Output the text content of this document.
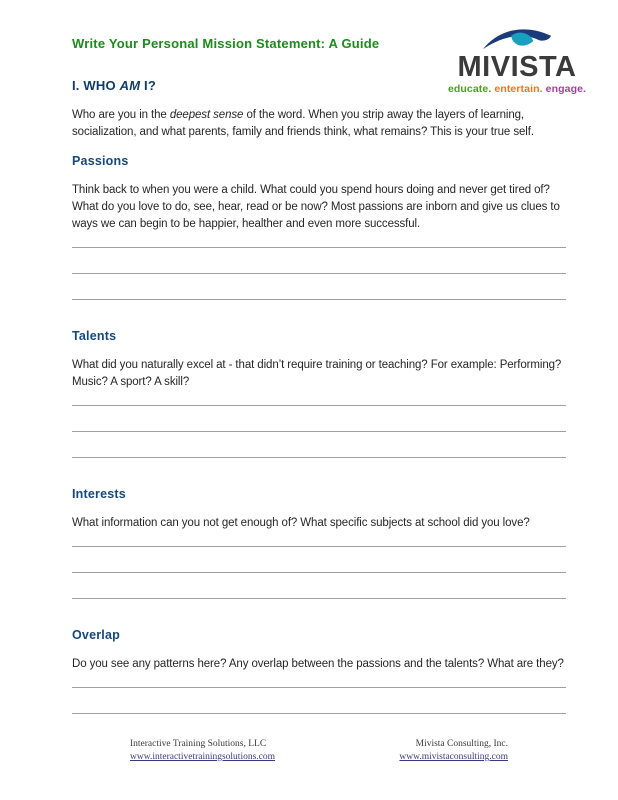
Write Your Personal Mission Statement: A Guide
MIVISTA
educate. entertain. engage.
I. WHO AM I?

Who are you in the deepest sense of the word. When you strip away the layers of learning, socialization, and what parents, family and friends think, what remains? This is your true self.

Passions

Think back to when you were a child. What could you spend hours doing and never get tired of? What do you love to do, see, hear, read or be now? Most passions are inborn and give us clues to ways we can begin to be happier, healther and even more successful.

Talents

What did you naturally excel at - that didn’t require training or teaching? For example: Performing? Music? A sport? A skill?

Interests

What information can you not get enough of? What specific subjects at school did you love?

Overlap

Do you see any patterns here? Any overlap between the passions and the talents? What are they?

Interactive Training Solutions, LLC
www.interactivetrainingsolutions.com
Mivista Consulting, Inc.
www.mivistaconsulting.com
